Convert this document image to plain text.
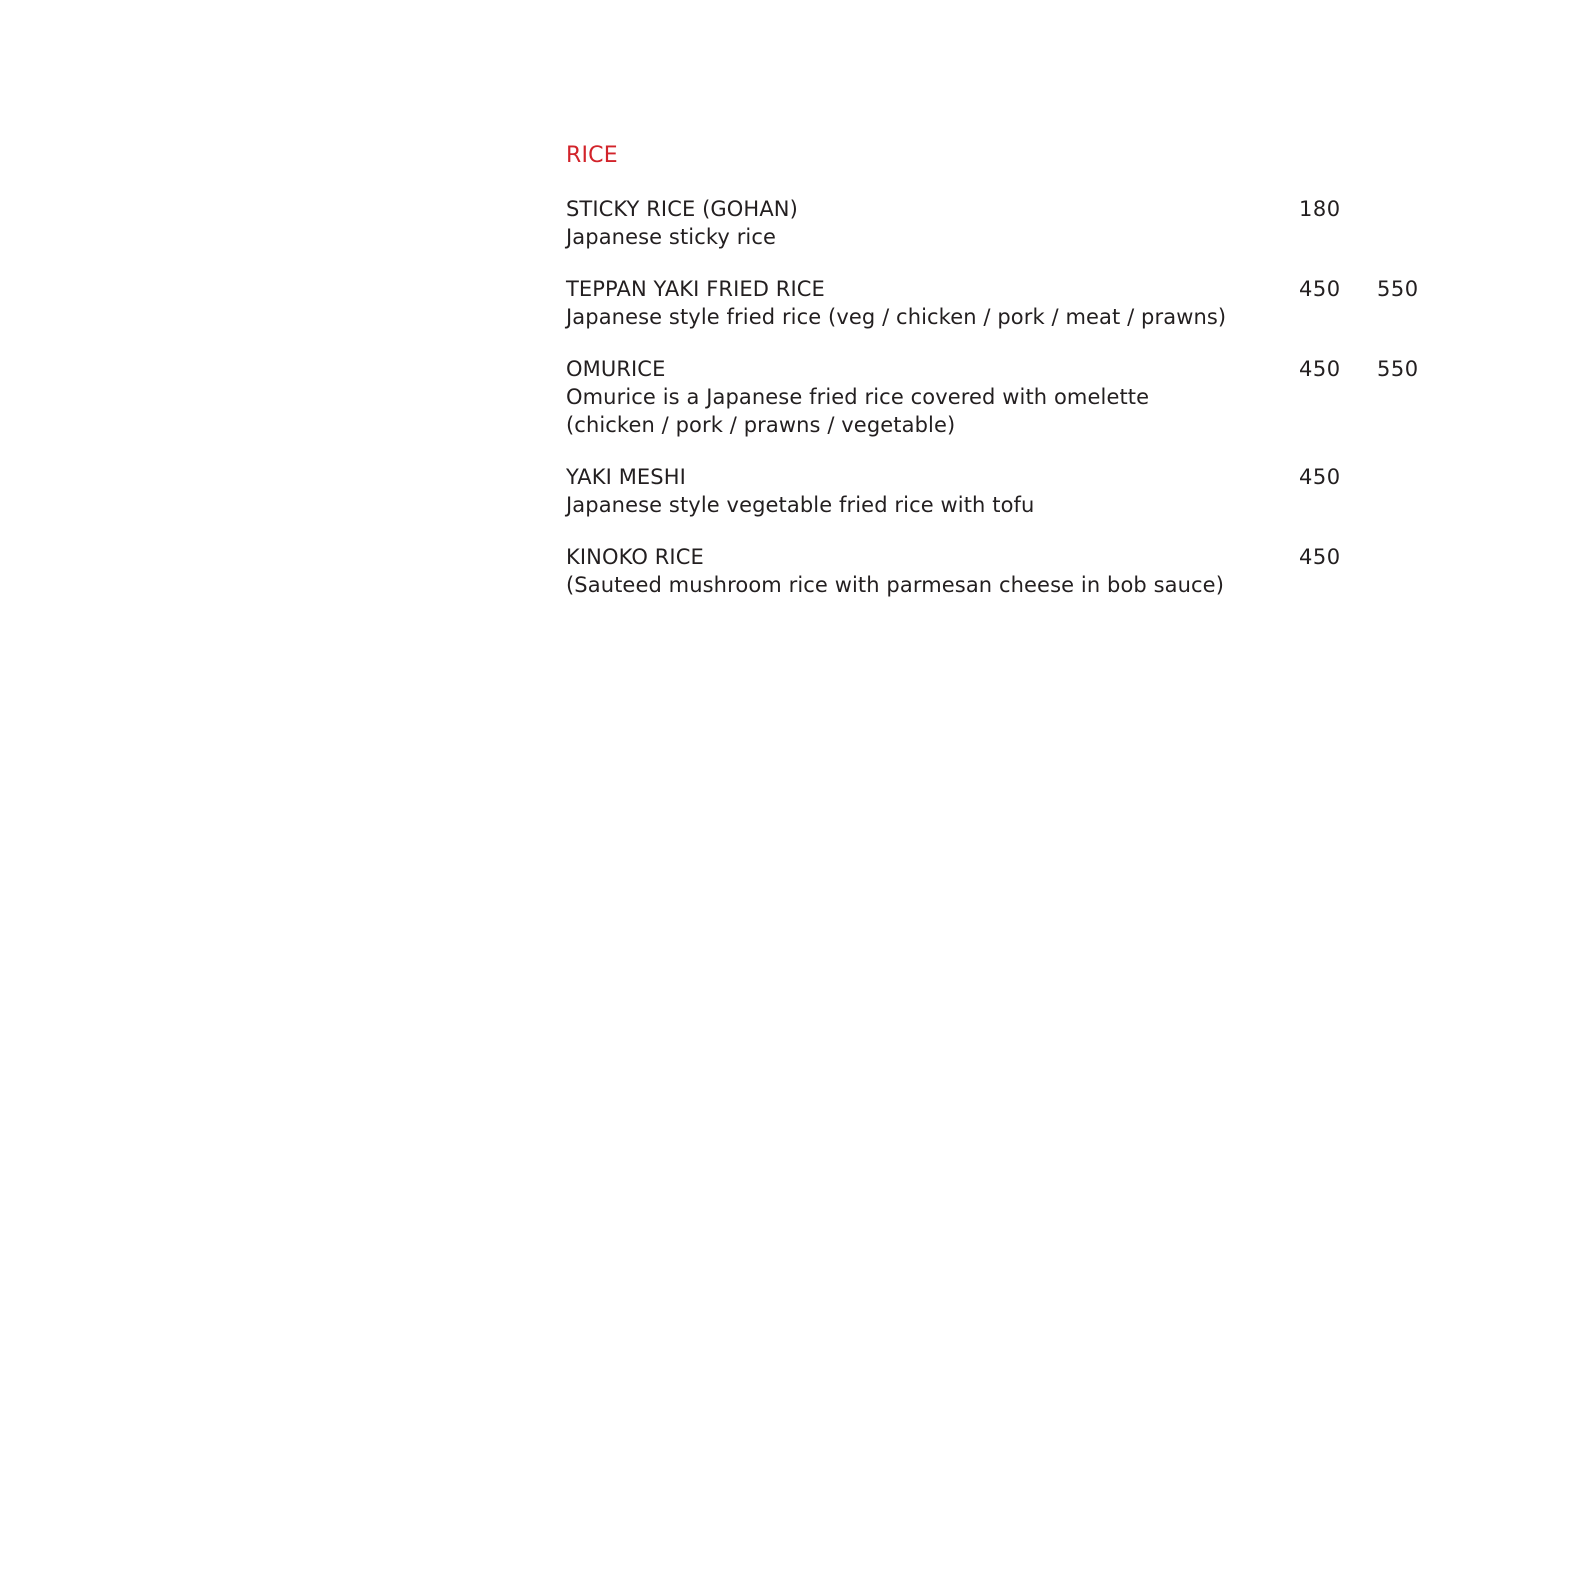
RICE
STICKY RICE (GOHAN)
Japanese sticky rice
180
TEPPAN YAKI FRIED RICE
Japanese style fried rice (veg / chicken / pork / meat / prawns)
450 550
OMURICE
Omurice is a Japanese fried rice covered with omelette
(chicken / pork / prawns / vegetable)
450 550
YAKI MESHI
Japanese style vegetable fried rice with tofu
450
KINOKO RICE
(Sauteed mushroom rice with parmesan cheese in bob sauce)
450
